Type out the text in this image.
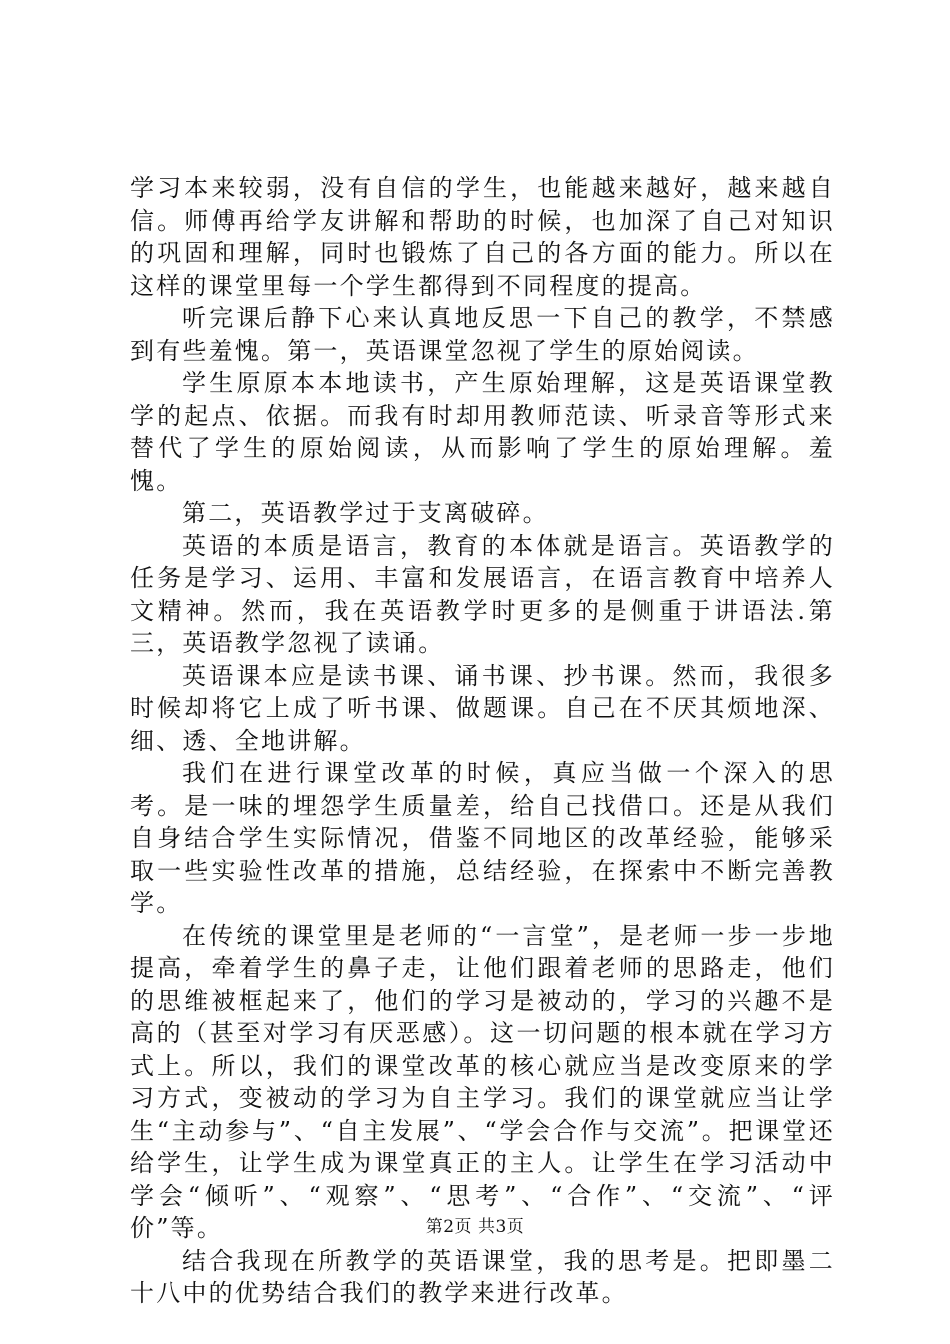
学习本来较弱，没有自信的学生，也能越来越好，越来越自信。师傅再给学友讲解和帮助的时候，也加深了自己对知识的巩固和理解，同时也锻炼了自己的各方面的能力。所以在这样的课堂里每一个学生都得到不同程度的提高。

听完课后静下心来认真地反思一下自己的教学，不禁感到有些羞愧。第一，英语课堂忽视了学生的原始阅读。

学生原原本本地读书，产生原始理解，这是英语课堂教学的起点、依据。而我有时却用教师范读、听录音等形式来替代了学生的原始阅读，从而影响了学生的原始理解。羞愧。

第二，英语教学过于支离破碎。

英语的本质是语言，教育的本体就是语言。英语教学的任务是学习、运用、丰富和发展语言，在语言教育中培养人文精神。然而，我在英语教学时更多的是侧重于讲语法.第三，英语教学忽视了读诵。

英语课本应是读书课、诵书课、抄书课。然而，我很多时候却将它上成了听书课、做题课。自己在不厌其烦地深、细、透、全地讲解。

我们在进行课堂改革的时候，真应当做一个深入的思考。是一味的埋怨学生质量差，给自己找借口。还是从我们自身结合学生实际情况，借鉴不同地区的改革经验，能够采取一些实验性改革的措施，总结经验，在探索中不断完善教学。

在传统的课堂里是老师的“一言堂”，是老师一步一步地提高，牵着学生的鼻子走，让他们跟着老师的思路走，他们的思维被框起来了，他们的学习是被动的，学习的兴趣不是高的（甚至对学习有厌恶感）。这一切问题的根本就在学习方式上。所以，我们的课堂改革的核心就应当是改变原来的学习方式，变被动的学习为自主学习。我们的课堂就应当让学生“主动参与”、“自主发展”、“学会合作与交流”。把课堂还给学生，让学生成为课堂真正的主人。让学生在学习活动中学会“倾听”、“观察”、“思考”、“合作”、“交流”、“评价”等。

结合我现在所教学的英语课堂，我的思考是。把即墨二十八中的优势结合我们的教学来进行改革。

第2页 共3页
